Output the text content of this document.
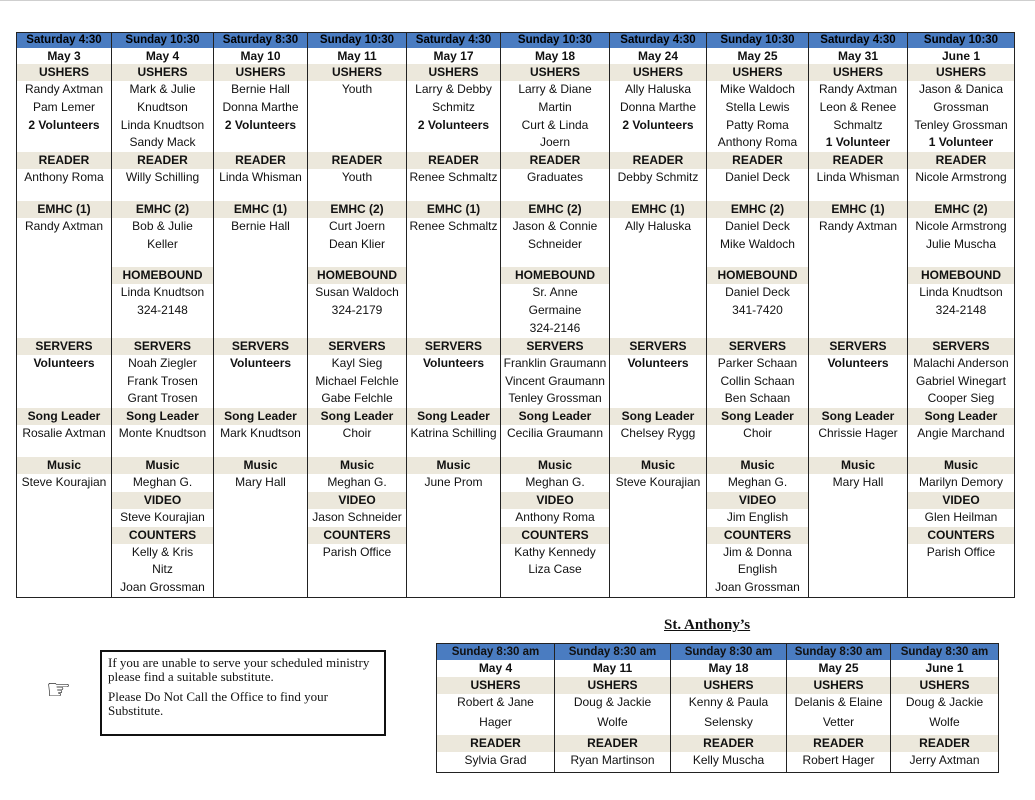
Saturday 4:30	Sunday 10:30	Saturday 8:30	Sunday 10:30	Saturday 4:30	Sunday 10:30	Saturday 4:30	Sunday 10:30	Saturday 4:30	Sunday 10:30
May 3	May 4	May 10	May 11	May 17	May 18	May 24	May 25	May 31	June 1
USHERS	USHERS	USHERS	USHERS	USHERS	USHERS	USHERS	USHERS	USHERS	USHERS
Randy Axtman	Mark & Julie	Bernie Hall	Youth	Larry & Debby	Larry & Diane	Ally Haluska	Mike Waldoch	Randy Axtman	Jason & Danica
Pam Lemer	Knudtson	Donna Marthe		Schmitz	Martin	Donna Marthe	Stella Lewis	Leon & Renee	Grossman
2 Volunteers	Linda Knudtson	2 Volunteers		2 Volunteers	Curt & Linda	2 Volunteers	Patty Roma	Schmaltz	Tenley Grossman
	Sandy Mack				Joern		Anthony Roma	1 Volunteer	1 Volunteer
READER	READER	READER	READER	READER	READER	READER	READER	READER	READER
Anthony Roma	Willy Schilling	Linda Whisman	Youth	Renee Schmaltz	Graduates	Debby Schmitz	Daniel Deck	Linda Whisman	Nicole Armstrong

EMHC (1)	EMHC (2)	EMHC (1)	EMHC (2)	EMHC (1)	EMHC (2)	EMHC (1)	EMHC (2)	EMHC (1)	EMHC (2)
Randy Axtman	Bob & Julie	Bernie Hall	Curt Joern	Renee Schmaltz	Jason & Connie	Ally Haluska	Daniel Deck	Randy Axtman	Nicole Armstrong
	Keller		Dean Klier		Schneider		Mike Waldoch		Julie Muscha

	HOMEBOUND		HOMEBOUND		HOMEBOUND		HOMEBOUND		HOMEBOUND
	Linda Knudtson		Susan Waldoch		Sr. Anne		Daniel Deck		Linda Knudtson
	324-2148		324-2179		Germaine		341-7420		324-2148
					324-2146				
SERVERS	SERVERS	SERVERS	SERVERS	SERVERS	SERVERS	SERVERS	SERVERS	SERVERS	SERVERS
Volunteers	Noah Ziegler	Volunteers	Kayl Sieg	Volunteers	Franklin Graumann	Volunteers	Parker Schaan	Volunteers	Malachi Anderson
	Frank Trosen		Michael Felchle		Vincent Graumann		Collin Schaan		Gabriel Winegart
	Grant Trosen		Gabe Felchle		Tenley Grossman		Ben Schaan		Cooper Sieg
Song Leader	Song Leader	Song Leader	Song Leader	Song Leader	Song Leader	Song Leader	Song Leader	Song Leader	Song Leader
Rosalie Axtman	Monte Knudtson	Mark Knudtson	Choir	Katrina Schilling	Cecilia Graumann	Chelsey Rygg	Choir	Chrissie Hager	Angie Marchand

Music	Music	Music	Music	Music	Music	Music	Music	Music	Music
Steve Kourajian	Meghan G.	Mary Hall	Meghan G.	June Prom	Meghan G.	Steve Kourajian	Meghan G.	Mary Hall	Marilyn Demory
	VIDEO		VIDEO		VIDEO		VIDEO		VIDEO
	Steve Kourajian		Jason Schneider		Anthony Roma		Jim English		Glen Heilman
	COUNTERS		COUNTERS		COUNTERS		COUNTERS		COUNTERS
	Kelly & Kris		Parish Office		Kathy Kennedy		Jim & Donna		Parish Office
	Nitz				Liza Case		English		
	Joan Grossman						Joan Grossman		
☞

If you are unable to serve your scheduled ministry please find a suitable substitute.

Please Do Not Call the Office to find your Substitute.

St. Anthony’s
Sunday 8:30 am	Sunday 8:30 am	Sunday 8:30 am	Sunday 8:30 am	Sunday 8:30 am
May 4	May 11	May 18	May 25	June 1
USHERS	USHERS	USHERS	USHERS	USHERS
Robert & Jane	Doug & Jackie	Kenny & Paula	Delanis & Elaine	Doug & Jackie
Hager	Wolfe	Selensky	Vetter	Wolfe
READER	READER	READER	READER	READER
Sylvia Grad	Ryan Martinson	Kelly Muscha	Robert Hager	Jerry Axtman
